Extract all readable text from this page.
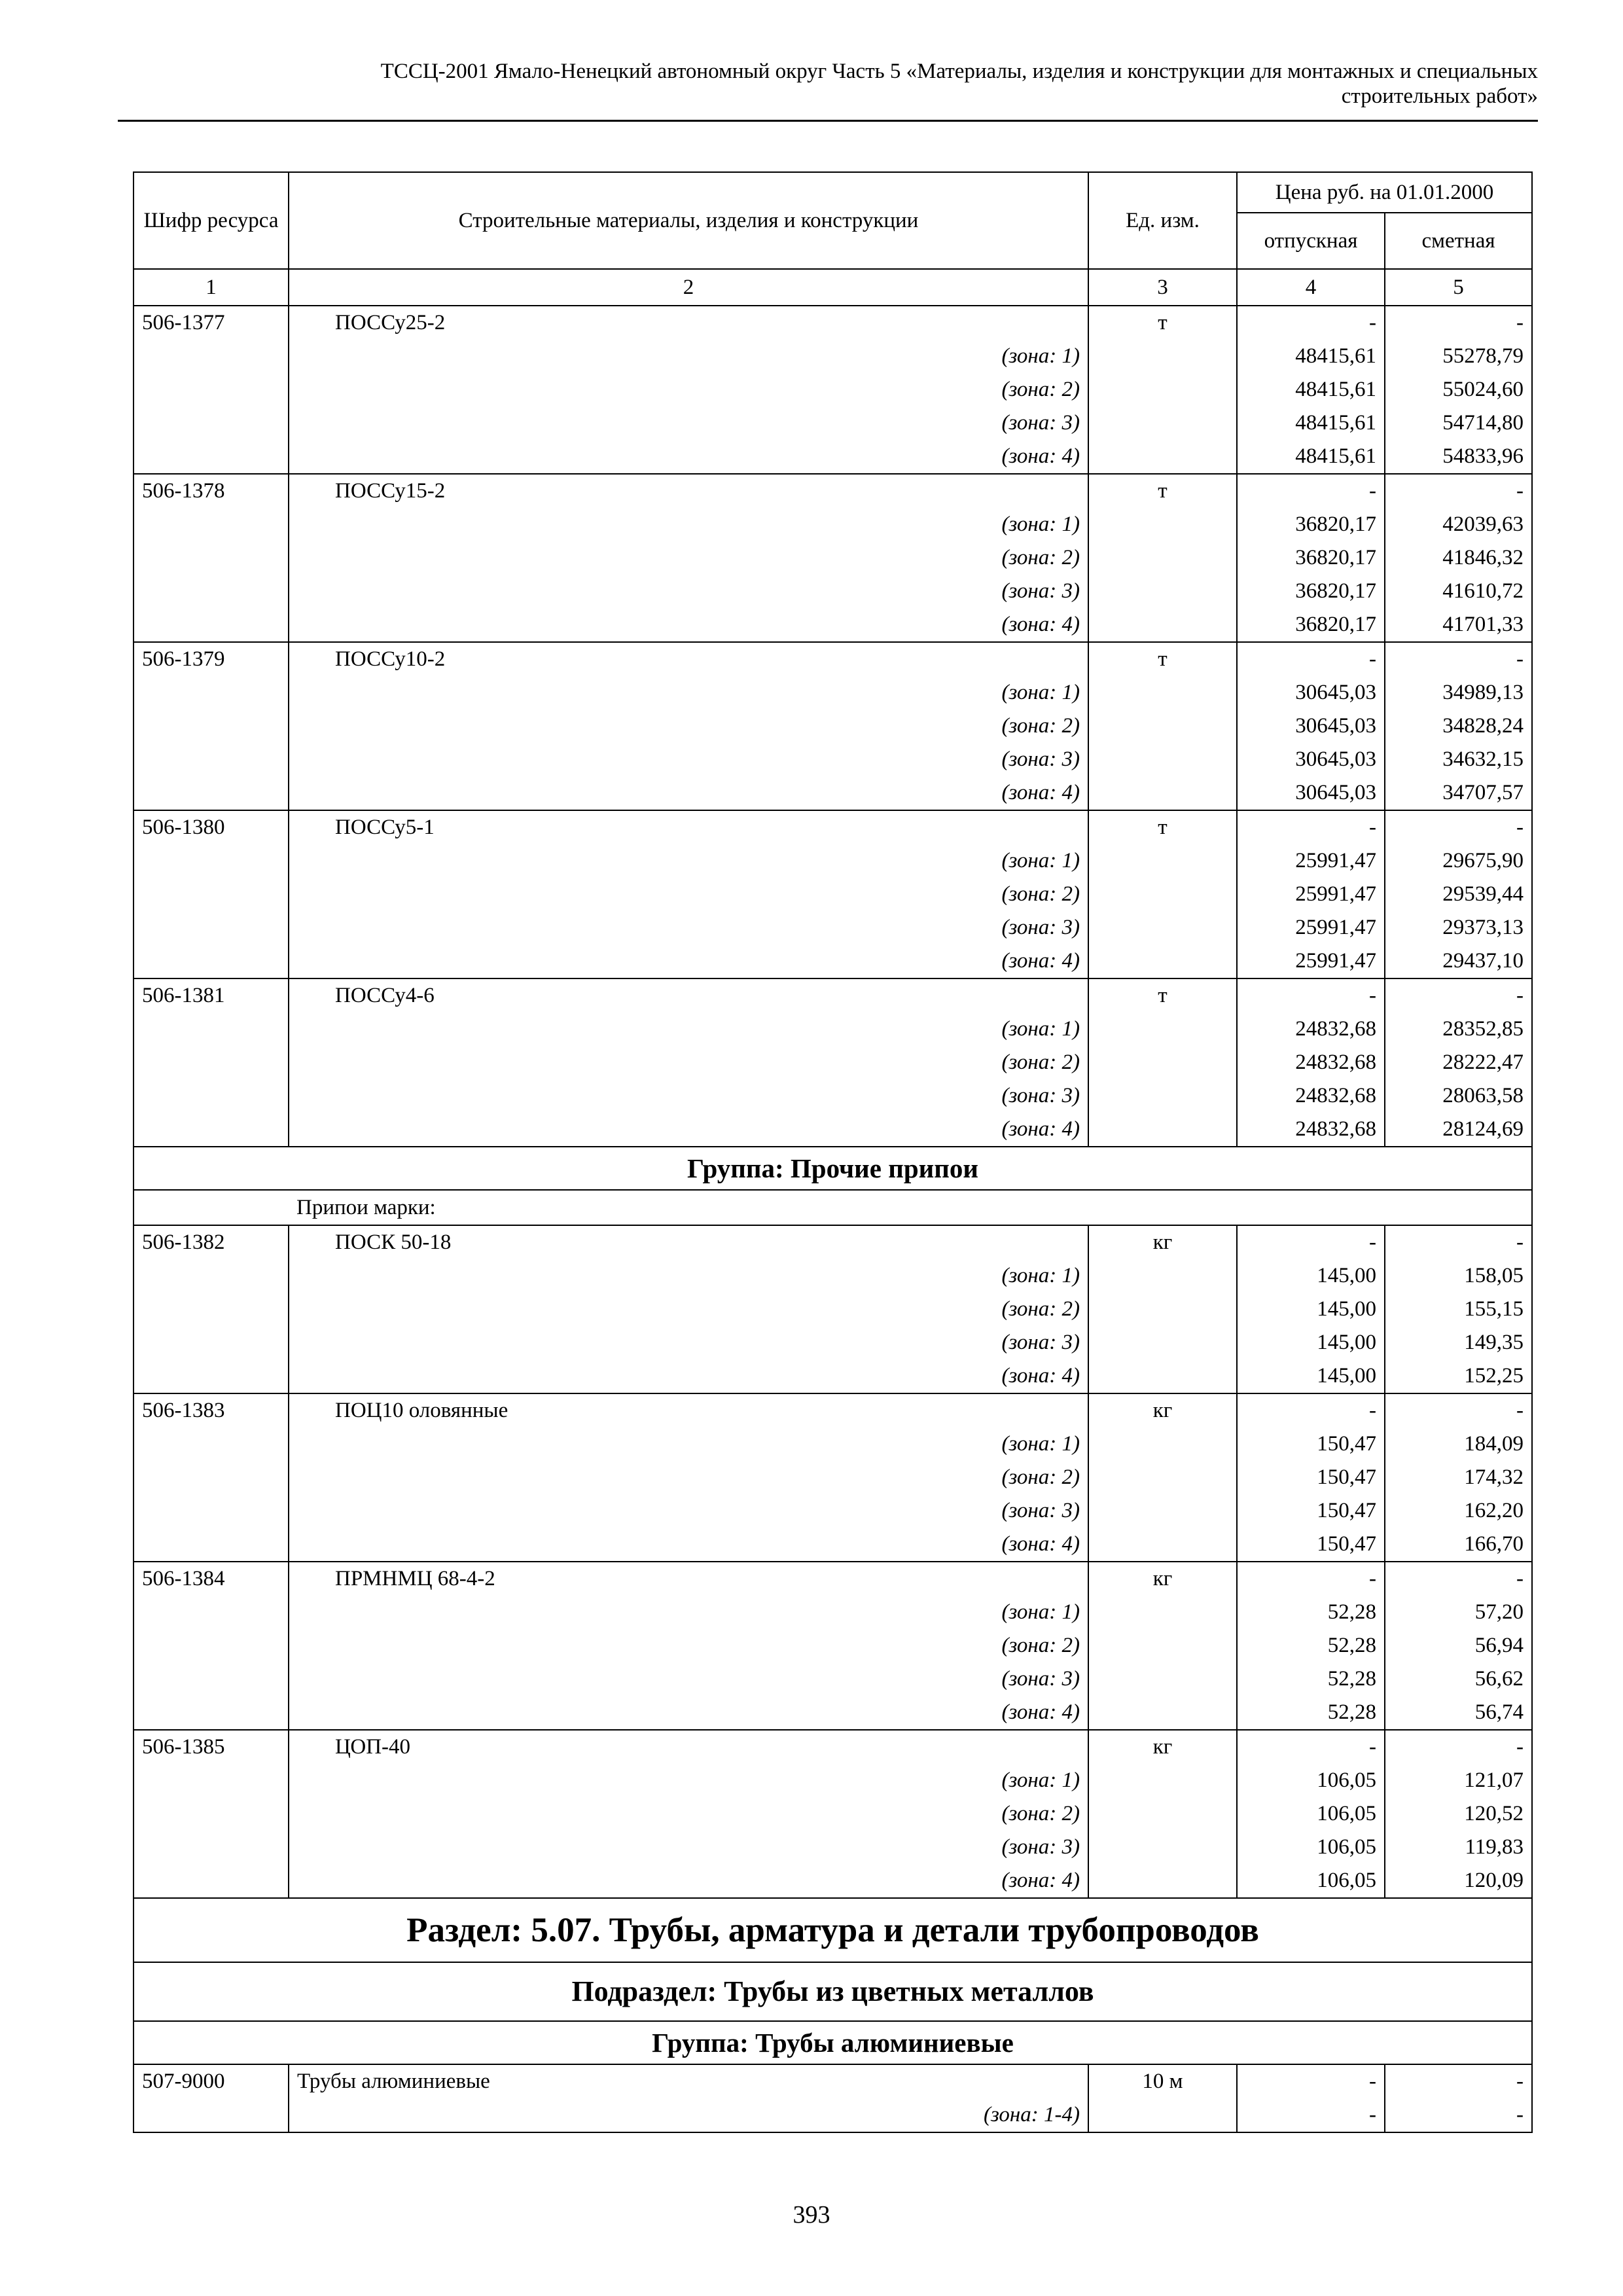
ТССЦ-2001 Ямало-Ненецкий автономный округ Часть 5 «Материалы, изделия и конструкции для монтажных и специальных
строительных работ»
Шифр ресурса	Строительные материалы, изделия и конструкции	Ед. изм.	Цена руб. на 01.01.2000	
			отпускная	сметная
1	2	3	4	5
506-1377	ПОССу25-2	т	-	-
	(зона: 1)		48415,61	55278,79
	(зона: 2)		48415,61	55024,60
	(зона: 3)		48415,61	54714,80
	(зона: 4)		48415,61	54833,96
506-1378	ПОССу15-2	т	-	-
	(зона: 1)		36820,17	42039,63
	(зона: 2)		36820,17	41846,32
	(зона: 3)		36820,17	41610,72
	(зона: 4)		36820,17	41701,33
506-1379	ПОССу10-2	т	-	-
	(зона: 1)		30645,03	34989,13
	(зона: 2)		30645,03	34828,24
	(зона: 3)		30645,03	34632,15
	(зона: 4)		30645,03	34707,57
506-1380	ПОССу5-1	т	-	-
	(зона: 1)		25991,47	29675,90
	(зона: 2)		25991,47	29539,44
	(зона: 3)		25991,47	29373,13
	(зона: 4)		25991,47	29437,10
506-1381	ПОССу4-6	т	-	-
	(зона: 1)		24832,68	28352,85
	(зона: 2)		24832,68	28222,47
	(зона: 3)		24832,68	28063,58
	(зона: 4)		24832,68	28124,69
Группа: Прочие припои				
Припои марки:				
506-1382	ПОСК 50-18	кг	-	-
	(зона: 1)		145,00	158,05
	(зона: 2)		145,00	155,15
	(зона: 3)		145,00	149,35
	(зона: 4)		145,00	152,25
506-1383	ПОЦ10 оловянные	кг	-	-
	(зона: 1)		150,47	184,09
	(зона: 2)		150,47	174,32
	(зона: 3)		150,47	162,20
	(зона: 4)		150,47	166,70
506-1384	ПРМНМЦ 68-4-2	кг	-	-
	(зона: 1)		52,28	57,20
	(зона: 2)		52,28	56,94
	(зона: 3)		52,28	56,62
	(зона: 4)		52,28	56,74
506-1385	ЦОП-40	кг	-	-
	(зона: 1)		106,05	121,07
	(зона: 2)		106,05	120,52
	(зона: 3)		106,05	119,83
	(зона: 4)		106,05	120,09
Раздел: 5.07. Трубы, арматура и детали трубопроводов				
Подраздел: Трубы из цветных металлов				
Группа: Трубы алюминиевые				
507-9000	Трубы алюминиевые	10 м	-	-
	(зона: 1-4)		-	-
393
